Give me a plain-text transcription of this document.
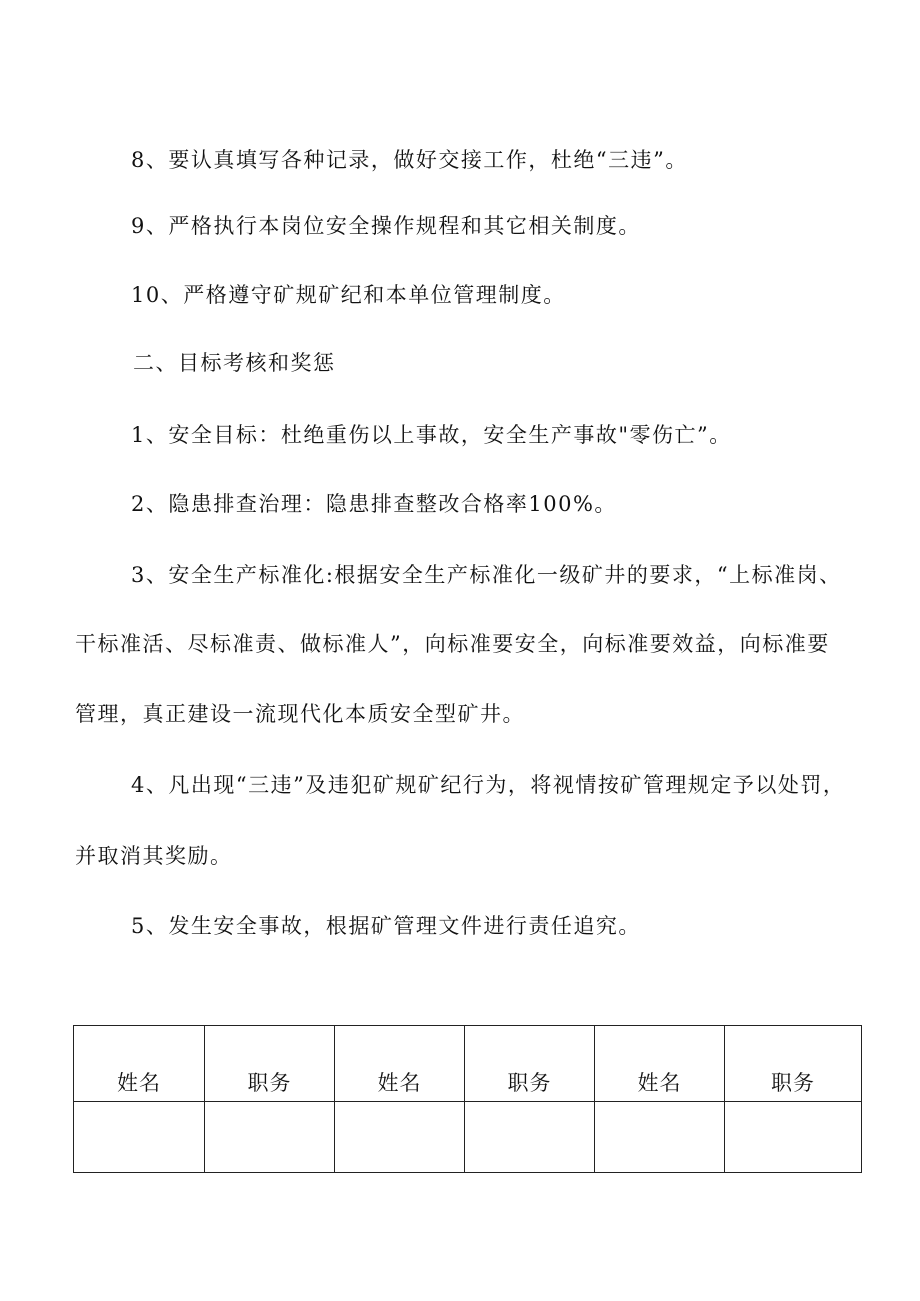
8、要认真填写各种记录，做好交接工作，杜绝“三违”。
9、严格执行本岗位安全操作规程和其它相关制度。
10、严格遵守矿规矿纪和本单位管理制度。
二、目标考核和奖惩
1、安全目标：杜绝重伤以上事故，安全生产事故"零伤亡”。
2、隐患排查治理：隐患排查整改合格率100%。
3、安全生产标准化:根据安全生产标准化一级矿井的要求，“上标准岗、
干标准活、尽标准责、做标准人”，向标准要安全，向标准要效益，向标准要
管理，真正建设一流现代化本质安全型矿井。
4、凡出现“三违”及违犯矿规矿纪行为，将视情按矿管理规定予以处罚，
并取消其奖励。
5、发生安全事故，根据矿管理文件进行责任追究。
姓名	职务	姓名	职务	姓名	职务
